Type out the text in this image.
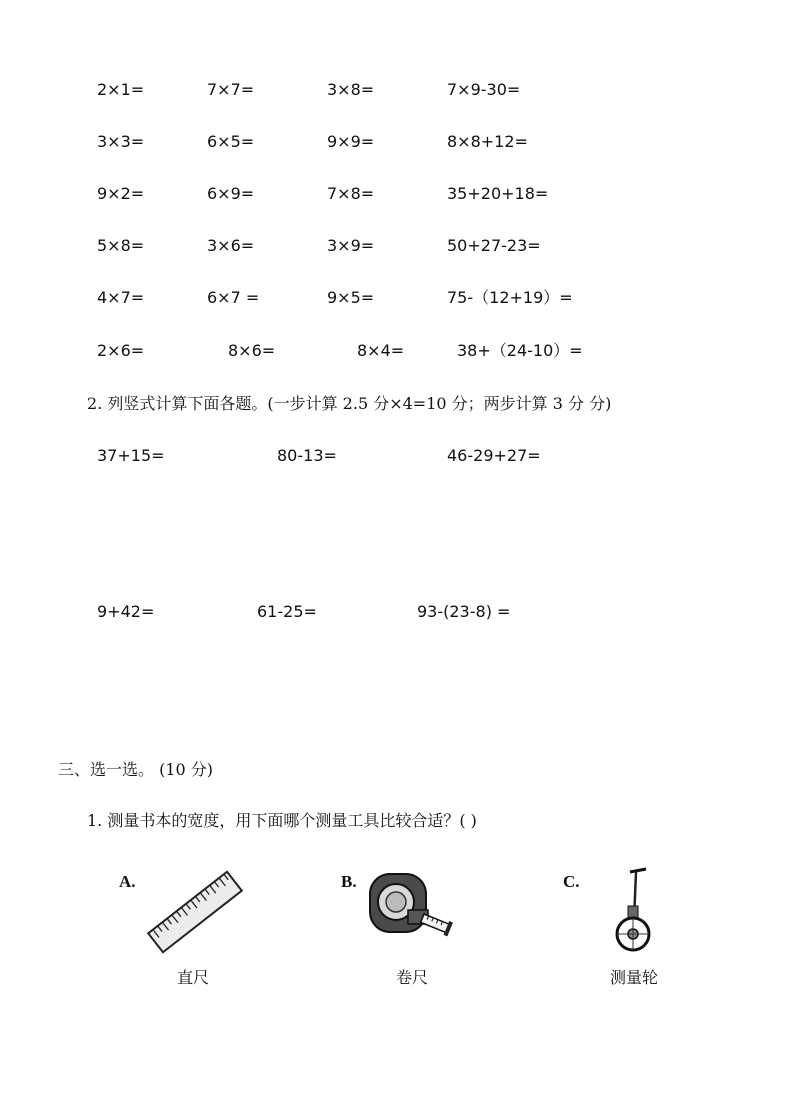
2×1=	7×7=	3×8=	7×9-30=
3×3=	6×5=	9×9=	8×8+12=
9×2=	6×9=	7×8=	35+20+18=
5×8=	3×6=	3×9=	50+27-23=
4×7=	6×7 =	9×5=	75-（12+19）=
2×6=	8×6=	8×4=	38+（24-10）=
2. 列竖式计算下面各题。(一步计算 2.5 分×4=10 分；两步计算 3 分 分)
37+15=	80-13=	46-29+27=
9+42=	61-25=	93-(23-8) =
三、选一选。 (10 分)
1. 测量书本的宽度，用下面哪个测量工具比较合适？( )
A.
直尺
B.
卷尺
C.
测量轮
